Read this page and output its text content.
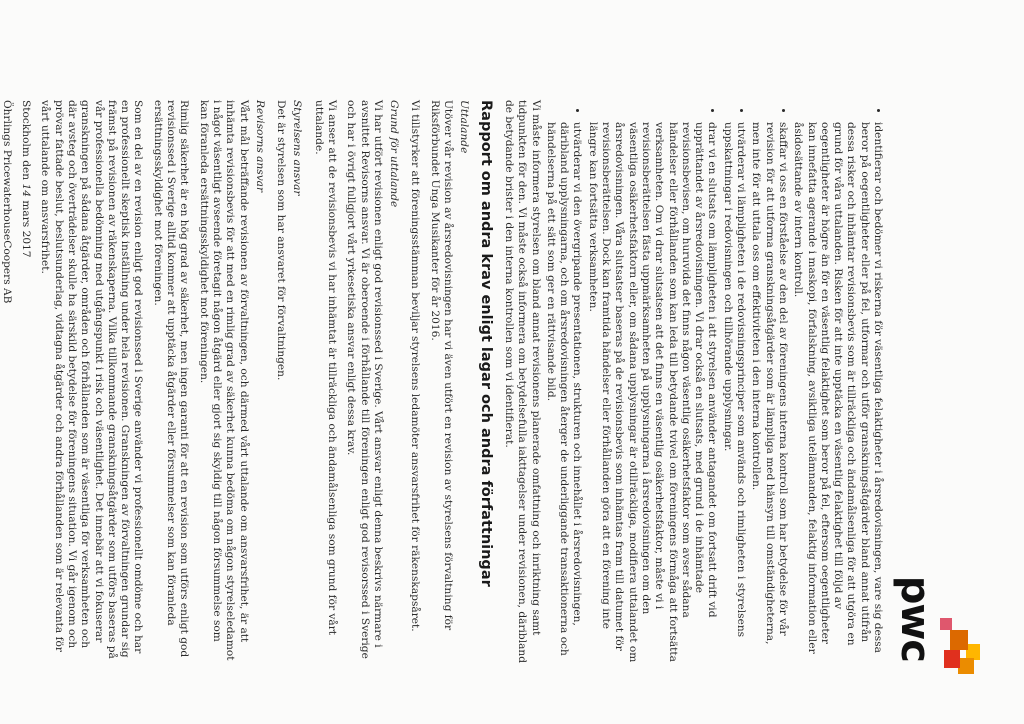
pwc
• identifierar och bedömer vi riskerna för väsentliga felaktigheter i årsredovisningen, vare sig dessa beror på oegentligheter eller på fel, utformar och utför granskningsåtgärder bland annat utifrån dessa risker och inhämtar revisionsbevis som är tillräckliga och ändamålsenliga för att utgöra en grund för våra uttalanden. Risken för att inte upptäcka en väsentlig felaktighet till följd av oegentligheter är högre än för en väsentlig felaktighet som beror på fel, eftersom oegentligheter kan innefatta agerande i maskopi, förfalskning, avsiktliga utelämnanden, felaktig information eller åsidosättande av intern kontroll.
• skaffar vi oss en förståelse av den del av föreningens interna kontroll som har betydelse för vår revision för att utforma granskningsåtgärder som är lämpliga med hänsyn till omständigheterna, men inte för att uttala oss om effektiviteten i den interna kontrollen.
• utvärderar vi lämpligheten i de redovisningsprinciper som används och rimligheten i styrelsens uppskattningar i redovisningen och tillhörande upplysningar.
• drar vi en slutsats om lämpligheten i att styrelsen använder antagandet om fortsatt drift vid upprättandet av årsredovisningen. Vi drar också en slutsats, med grund i de inhämtade revisionsbevisen, om huruvida det finns någon väsentlig osäkerhetsfaktor som avser sådana händelser eller förhållanden som kan leda till betydande tvivel om föreningens förmåga att fortsätta verksamheten. Om vi drar slutsatsen att det finns en väsentlig osäkerhetsfaktor, måste vi i revisionsberättelsen fästa uppmärksamheten på upplysningarna i årsredovisningen om den väsentliga osäkerhetsfaktorn eller, om sådana upplysningar är otillräckliga, modifiera uttalandet om årsredovisningen. Våra slutsatser baseras på de revisionsbevis som inhämtas fram till datumet för revisionsberättelsen. Dock kan framtida händelser eller förhållanden göra att en förening inte längre kan fortsätta verksamheten.
• utvärderar vi den övergripande presentationen, strukturen och innehållet i årsredovisningen, däribland upplysningarna, och om årsredovisningen återger de underliggande transaktionerna och händelserna på ett sätt som ger en rättvisande bild.

Vi måste informera styrelsen om bland annat revisionens planerade omfattning och inriktning samt tidpunkten för den. Vi måste också informera om betydelsefulla iakttagelser under revisionen, däribland de betydande brister i den interna kontrollen som vi identifierat.

Rapport om andra krav enligt lagar och andra författningar
Uttalande

Utöver vår revision av årsredovisningen har vi även utfört en revision av styrelsens förvaltning för Riksförbundet Unga Musikanter för år 2016.

Vi tillstyrker att föreningsstämman beviljar styrelsens ledamöter ansvarsfrihet för räkenskapsåret.

Grund för uttalande

Vi har utfört revisionen enligt god revisionssed i Sverige. Vårt ansvar enligt denna beskrivs närmare i avsnittet Revisorns ansvar. Vi är oberoende i förhållande till föreningen enligt god revisorssed i Sverige och har i övrigt fullgjort vårt yrkesetiska ansvar enligt dessa krav.

Vi anser att de revisionsbevis vi har inhämtat är tillräckliga och ändamålsenliga som grund för vårt uttalande.

Styrelsens ansvar

Det är styrelsen som har ansvaret för förvaltningen.

Revisorns ansvar

Vårt mål beträffande revisionen av förvaltningen, och därmed vårt uttalande om ansvarsfrihet, är att inhämta revisionsbevis för att med en rimlig grad av säkerhet kunna bedöma om någon styrelseledamot i något väsentligt avseende företagit någon åtgärd eller gjort sig skyldig till någon försummelse som kan föranleda ersättningsskyldighet mot föreningen.

Rimlig säkerhet är en hög grad av säkerhet, men ingen garanti för att en revision som utförs enligt god revisionssed i Sverige alltid kommer att upptäcka åtgärder eller försummelser som kan föranleda ersättningsskyldighet mot föreningen.

Som en del av en revision enligt god revisionssed i Sverige använder vi professionellt omdöme och har en professionellt skeptisk inställning under hela revisionen. Granskningen av förvaltningen grundar sig främst på revisionen av räkenskaperna. Vilka tillkommande granskningsåtgärder som utförs baseras på vår professionella bedömning med utgångspunkt i risk och väsentlighet. Det innebär att vi fokuserar granskningen på sådana åtgärder, områden och förhållanden som är väsentliga för verksamheten och där avsteg och överträdelser skulle ha särskild betydelse för föreningens situation. Vi går igenom och prövar fattade beslut, beslutsunderlag, vidtagna åtgärder och andra förhållanden som är relevanta för vårt uttalande om ansvarsfrihet.

Stockholm den 14 mars 2017

Öhrlings PricewaterhouseCoopers AB
